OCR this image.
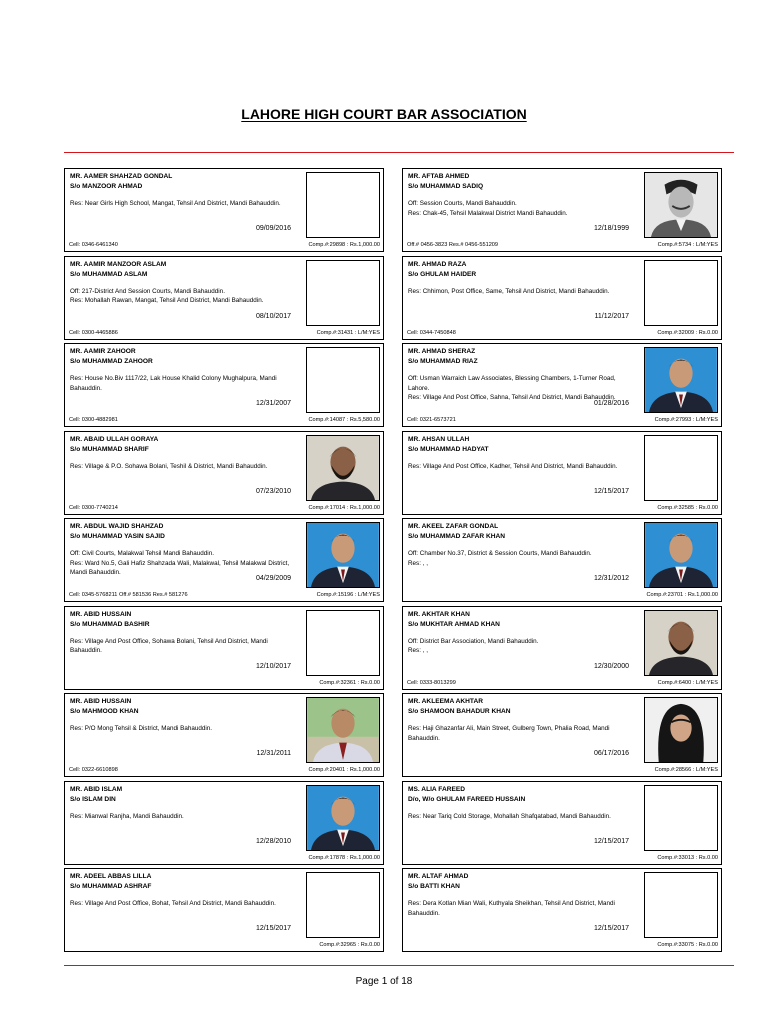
LAHORE HIGH COURT BAR ASSOCIATION
MR. AAMER SHAHZAD GONDAL
S/o MANZOOR AHMAD
Res: Near Girls High School, Mangat, Tehsil And District, Mandi Bahauddin.
09/09/2016
Cell: 0346-6461340	Comp.#:29898 : Rs.1,000.00
MR. AFTAB AHMED
S/o MUHAMMAD SADIQ
Off: Session Courts, Mandi Bahauddin.
Res: Chak-45, Tehsil Malakwal District Mandi Bahauddin.
12/18/1999
Off.# 0456-3823 Res.# 0456-551209	Comp.#:5734 : L/M:YES
MR. AAMIR MANZOOR ASLAM
S/o MUHAMMAD ASLAM
Off: 217-District And Session Courts, Mandi Bahauddin.
Res: Mohallah Rawan, Mangat, Tehsil And District, Mandi Bahauddin.
08/10/2017
Cell: 0300-4465886	Comp.#:31431 : L/M:YES
MR. AHMAD RAZA
S/o GHULAM HAIDER
Res: Chhimon, Post Office, Same, Tehsil And District, Mandi Bahauddin.
11/12/2017
Cell: 0344-7450848	Comp.#:32009 : Rs.0.00
MR. AAMIR ZAHOOR
S/o MUHAMMAD ZAHOOR
Res: House No.Biv 1117/22, Lak House Khalid Colony Mughalpura, Mandi Bahauddin.
12/31/2007
Cell: 0300-4882981	Comp.#:14087 : Rs.5,580.00
MR. AHMAD SHERAZ
S/o MUHAMMAD RIAZ
Off: Usman Warraich Law Associates, Blessing Chambers, 1-Turner Road, Lahore.
Res: Village And Post Office, Sahna, Tehsil And District, Mandi Bahauddin.
01/28/2016
Cell: 0321-6573721	Comp.#:27993 : L/M:YES
MR. ABAID ULLAH GORAYA
S/o MUHAMMAD SHARIF
Res: Village & P.O. Sohawa Bolani, Teshil & District, Mandi Bahauddin.
07/23/2010
Cell: 0300-7740214	Comp.#:17014 : Rs.1,000.00
MR. AHSAN ULLAH
S/o MUHAMMAD HADYAT
Res: Village And Post Office, Kadher, Tehsil And District, Mandi Bahauddin.
12/15/2017
Comp.#:32585 : Rs.0.00
MR. ABDUL WAJID SHAHZAD
S/o MUHAMMAD YASIN SAJID
Off: Civil Courts, Malakwal Tehsil Mandi Bahauddin.
Res: Ward No.5, Gali Hafiz Shahzada Wali, Malakwal, Tehsil Malakwal District, Mandi Bahauddin.
04/29/2009
Cell: 0345-5768211 Off.# 581536 Res.# 581276	Comp.#:15196 : L/M:YES
MR. AKEEL ZAFAR GONDAL
S/o MUHAMMAD ZAFAR KHAN
Off: Chamber No.37, District & Session Courts, Mandi Bahauddin.
Res: , ,
12/31/2012
Comp.#:23701 : Rs.1,000.00
MR. ABID HUSSAIN
S/o MUHAMMAD BASHIR
Res: Village And Post Office, Sohawa Bolani, Tehsil And District, Mandi Bahauddin.
12/10/2017
Comp.#:32361 : Rs.0.00
MR. AKHTAR KHAN
S/o MUKHTAR AHMAD KHAN
Off: District Bar Association, Mandi Bahauddin.
Res: , ,
12/30/2000
Cell: 0333-8013299	Comp.#:6400 : L/M:YES
MR. ABID HUSSAIN
S/o MAHMOOD KHAN
Res: P/O Mong Tehsil & District, Mandi Bahauddin.
12/31/2011
Cell: 0322-6610898	Comp.#:20401 : Rs.1,000.00
MR. AKLEEMA AKHTAR
S/o SHAMOON BAHADUR KHAN
Res: Haji Ghazanfar Ali, Main Street, Gulberg Town, Phalia Road, Mandi Bahauddin.
06/17/2016
Comp.#:28566 : L/M:YES
MR. ABID ISLAM
S/o ISLAM DIN
Res: Mianwal Ranjha, Mandi Bahauddin.
12/28/2010
Comp.#:17878 : Rs.1,000.00
MS. ALIA FAREED
D/o, W/o GHULAM FAREED HUSSAIN
Res: Near Tariq Cold Storage, Mohallah Shafqatabad, Mandi Bahauddin.
12/15/2017
Comp.#:33013 : Rs.0.00
MR. ADEEL ABBAS LILLA
S/o MUHAMMAD ASHRAF
Res: Village And Post Office, Bohat, Tehsil And District, Mandi Bahauddin.
12/15/2017
Comp.#:32965 : Rs.0.00
MR. ALTAF AHMAD
S/o BATTI KHAN
Res: Dera Kotlan Mian Wali, Kuthyala Sheikhan, Tehsil And District, Mandi Bahauddin.
12/15/2017
Comp.#:33075 : Rs.0.00
Page 1 of 18
